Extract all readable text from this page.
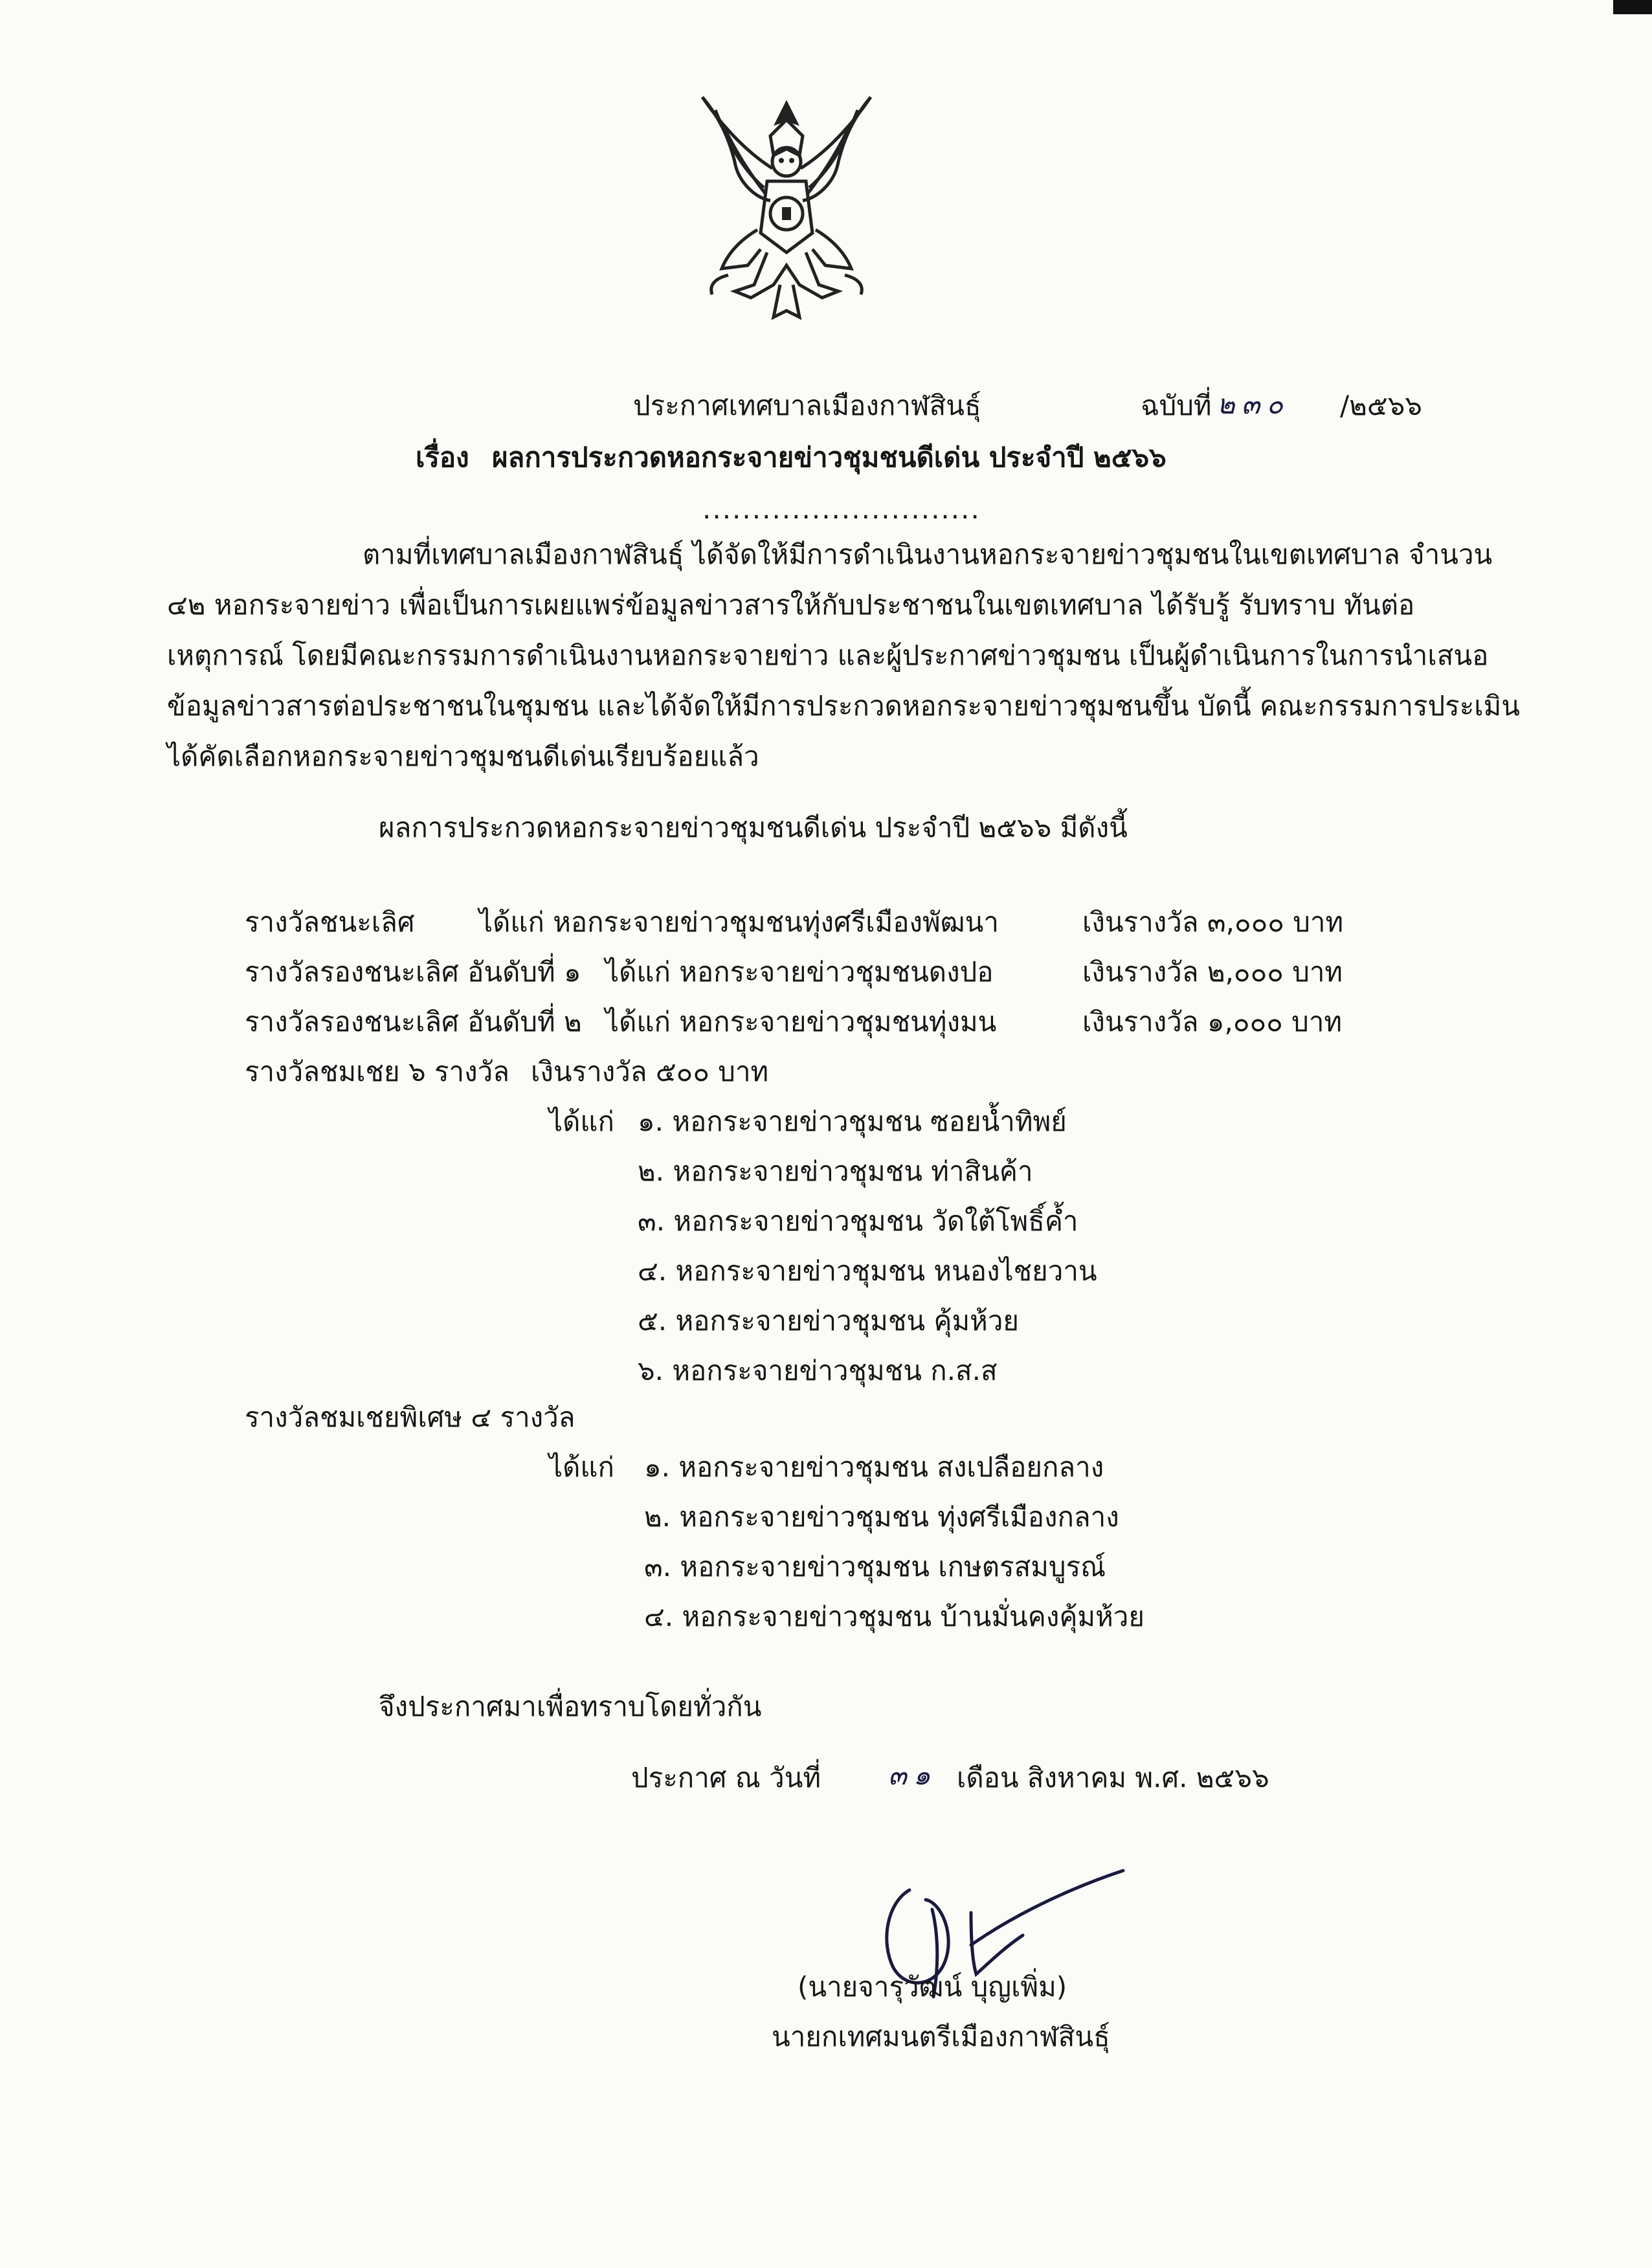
ประกาศเทศบาลเมืองกาฬสินธุ์	ฉบับที่ ๒๓๐ /๒๕๖๖
เรื่อง ผลการประกวดหอกระจายข่าวชุมชนดีเด่น ประจำปี ๒๕๖๖
............................
ตามที่เทศบาลเมืองกาฬสินธุ์ ได้จัดให้มีการดำเนินงานหอกระจายข่าวชุมชนในเขตเทศบาล จำนวน
๔๒ หอกระจายข่าว เพื่อเป็นการเผยแพร่ข้อมูลข่าวสารให้กับประชาชนในเขตเทศบาล ได้รับรู้ รับทราบ ทันต่อ
เหตุการณ์ โดยมีคณะกรรมการดำเนินงานหอกระจายข่าว และผู้ประกาศข่าวชุมชน เป็นผู้ดำเนินการในการนำเสนอ
ข้อมูลข่าวสารต่อประชาชนในชุมชน และได้จัดให้มีการประกวดหอกระจายข่าวชุมชนขึ้น บัดนี้ คณะกรรมการประเมิน
ได้คัดเลือกหอกระจายข่าวชุมชนดีเด่นเรียบร้อยแล้ว
ผลการประกวดหอกระจายข่าวชุมชนดีเด่น ประจำปี ๒๕๖๖ มีดังนี้
รางวัลชนะเลิศ ได้แก่ หอกระจายข่าวชุมชนทุ่งศรีเมืองพัฒนา	เงินรางวัล ๓,๐๐๐ บาท
รางวัลรองชนะเลิศ อันดับที่ ๑ ได้แก่ หอกระจายข่าวชุมชนดงปอ	เงินรางวัล ๒,๐๐๐ บาท
รางวัลรองชนะเลิศ อันดับที่ ๒ ได้แก่ หอกระจายข่าวชุมชนทุ่งมน	เงินรางวัล ๑,๐๐๐ บาท
รางวัลชมเชย ๖ รางวัล เงินรางวัล ๕๐๐ บาท
ได้แก่ ๑. หอกระจายข่าวชุมชน ซอยน้ำทิพย์
๒. หอกระจายข่าวชุมชน ท่าสินค้า
๓. หอกระจายข่าวชุมชน วัดใต้โพธิ์ค้ำ
๔. หอกระจายข่าวชุมชน หนองไชยวาน
๕. หอกระจายข่าวชุมชน คุ้มห้วย
๖. หอกระจายข่าวชุมชน ก.ส.ส
รางวัลชมเชยพิเศษ ๔ รางวัล
ได้แก่ ๑. หอกระจายข่าวชุมชน สงเปลือยกลาง
๒. หอกระจายข่าวชุมชน ทุ่งศรีเมืองกลาง
๓. หอกระจายข่าวชุมชน เกษตรสมบูรณ์
๔. หอกระจายข่าวชุมชน บ้านมั่นคงคุ้มห้วย
จึงประกาศมาเพื่อทราบโดยทั่วกัน
ประกาศ ณ วันที่ ๓๑ เดือน สิงหาคม พ.ศ. ๒๕๖๖
(นายจารุวัฒน์ บุญเพิ่ม)
นายกเทศมนตรีเมืองกาฬสินธุ์
